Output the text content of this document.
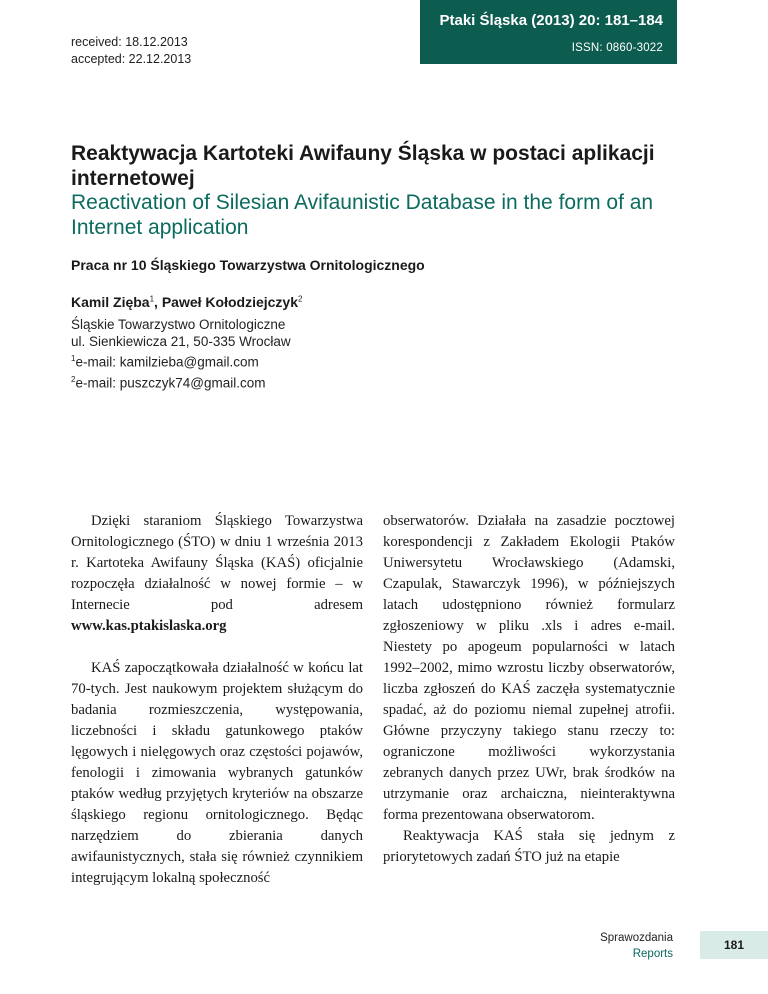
received: 18.12.2013
accepted: 22.12.2013
Ptaki Śląska (2013) 20: 181–184
ISSN: 0860-3022
Reaktywacja Kartoteki Awifauny Śląska w postaci aplikacji internetowej
Reactivation of Silesian Avifaunistic Database in the form of an Internet application
Praca nr 10 Śląskiego Towarzystwa Ornitologicznego
Kamil Zięba$^1$, Paweł Kołodziejczyk$^2$
Śląskie Towarzystwo Ornitologiczne
ul. Sienkiewicza 21, 50-335 Wrocław
$^1$e-mail: kamilzieba@gmail.com
$^2$e-mail: puszczyk74@gmail.com

Dzięki staraniom Śląskiego Towarzystwa Ornitologicznego (ŚTO) w dniu 1 września 2013 r. Kartoteka Awifauny Śląska (KAŚ) oficjalnie rozpoczęła działalność w nowej formie – w Internecie pod adresem www.kas.ptakislaska.org

KAŚ zapoczątkowała działalność w końcu lat 70-tych. Jest naukowym projektem służącym do badania rozmieszczenia, występowania, liczebności i składu gatunkowego ptaków lęgowych i nielęgowych oraz częstości pojawów, fenologii i zimowania wybranych gatunków ptaków według przyjętych kryteriów na obszarze śląskiego regionu ornitologicznego. Będąc narzędziem do zbierania danych awifaunistycznych, stała się również czynnikiem integrującym lokalną społeczność

obserwatorów. Działała na zasadzie pocztowej korespondencji z Zakładem Ekologii Ptaków Uniwersytetu Wrocławskiego (Adamski, Czapulak, Stawarczyk 1996), w późniejszych latach udostępniono również formularz zgłoszeniowy w pliku .xls i adres e-mail. Niestety po apogeum popularności w latach 1992–2002, mimo wzrostu liczby obserwatorów, liczba zgłoszeń do KAŚ zaczęła systematycznie spadać, aż do poziomu niemal zupełnej atrofii. Główne przyczyny takiego stanu rzeczy to: ograniczone możliwości wykorzystania zebranych danych przez UWr, brak środków na utrzymanie oraz archaiczna, nieinteraktywna forma prezentowana obserwatorom.

Reaktywacja KAŚ stała się jednym z priorytetowych zadań ŚTO już na etapie

Sprawozdania
Reports
181
